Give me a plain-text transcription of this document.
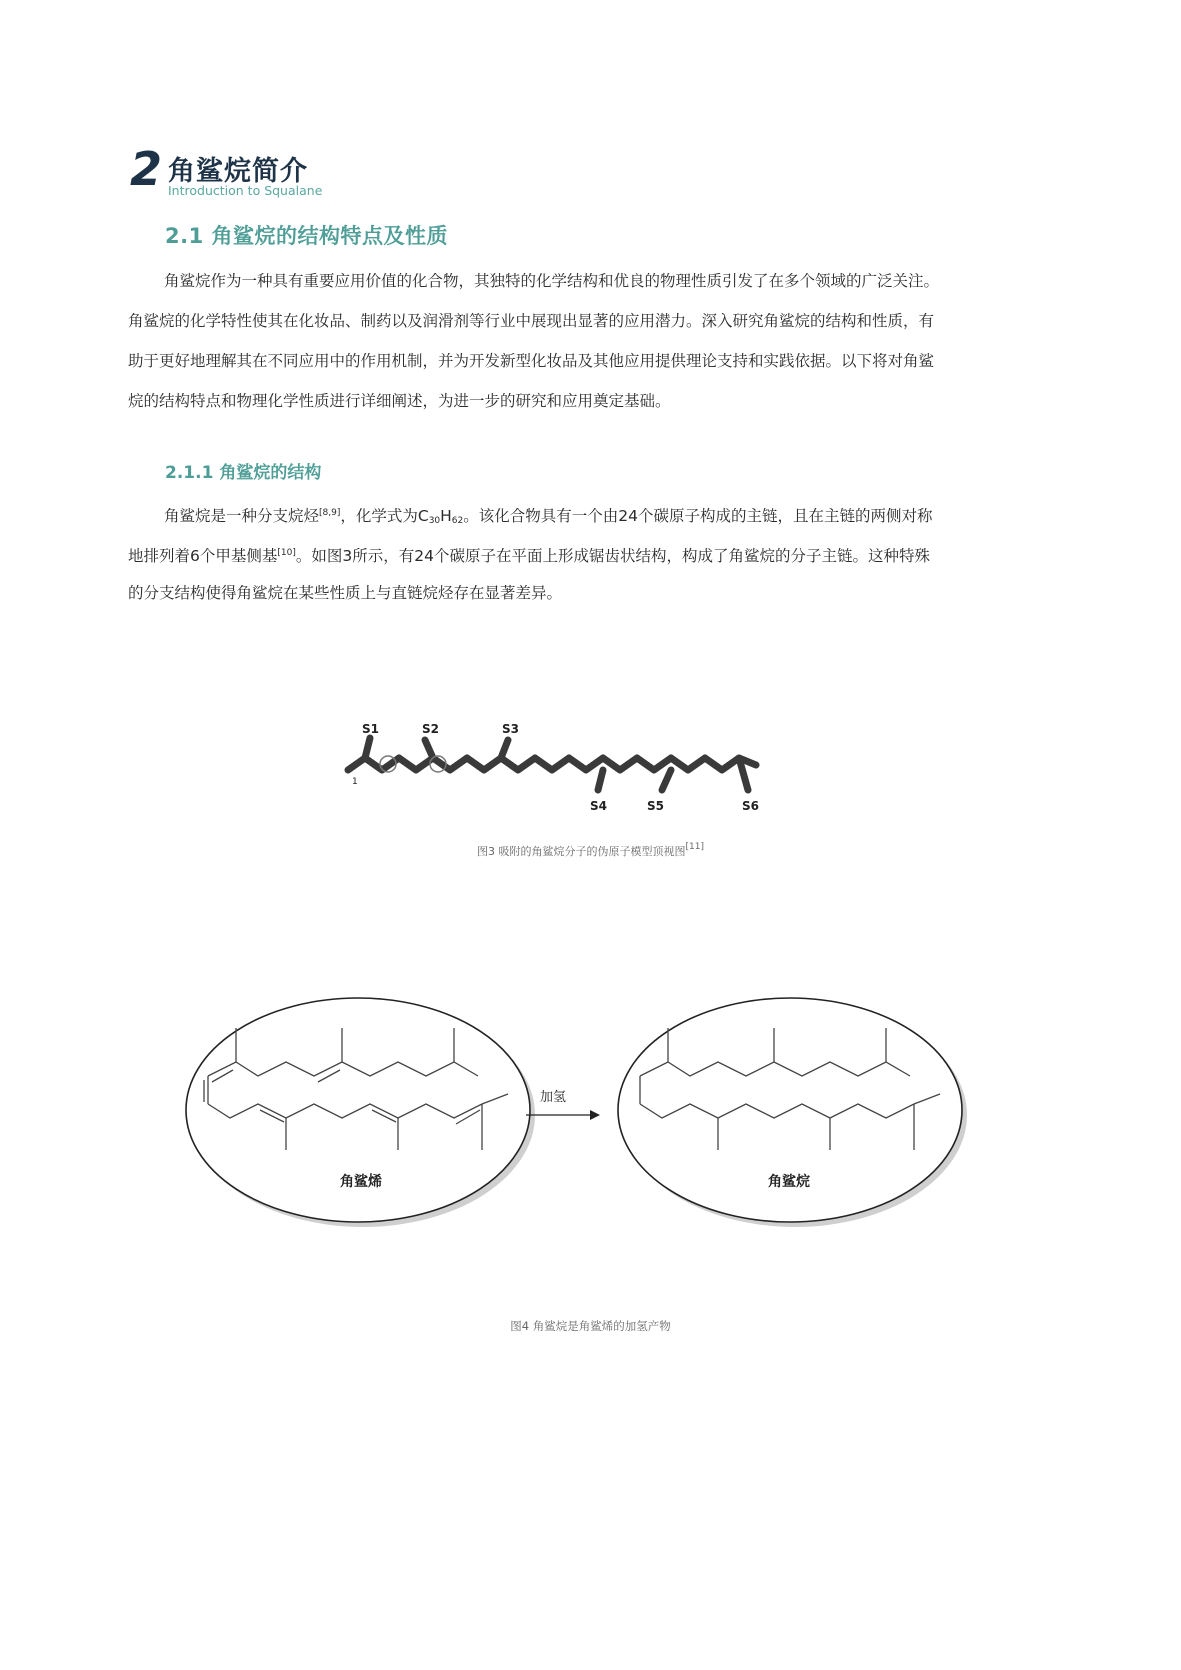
2 角鲨烷简介
Introduction to Squalane
2.1 角鲨烷的结构特点及性质
角鲨烷作为一种具有重要应用价值的化合物，其独特的化学结构和优良的物理性质引发了在多个领域的广泛关注。
角鲨烷的化学特性使其在化妆品、制药以及润滑剂等行业中展现出显著的应用潜力。深入研究角鲨烷的结构和性质，有
助于更好地理解其在不同应用中的作用机制，并为开发新型化妆品及其他应用提供理论支持和实践依据。以下将对角鲨
烷的结构特点和物理化学性质进行详细阐述，为进一步的研究和应用奠定基础。
2.1.1 角鲨烷的结构
角鲨烷是一种分支烷烃[8,9]，化学式为$C_{30}H_{62}$。该化合物具有一个由24个碳原子构成的主链，且在主链的两侧对称
地排列着6个甲基侧基[10]。如图3所示，有24个碳原子在平面上形成锯齿状结构，构成了角鲨烷的分子主链。这种特殊
的分支结构使得角鲨烷在某些性质上与直链烷烃存在显著差异。
S1	S2	S3
S4	S5	S6
1
图3 吸附的角鲨烷分子的伪原子模型顶视图[11]
加氢
角鲨烯	角鲨烷
图4 角鲨烷是角鲨烯的加氢产物
